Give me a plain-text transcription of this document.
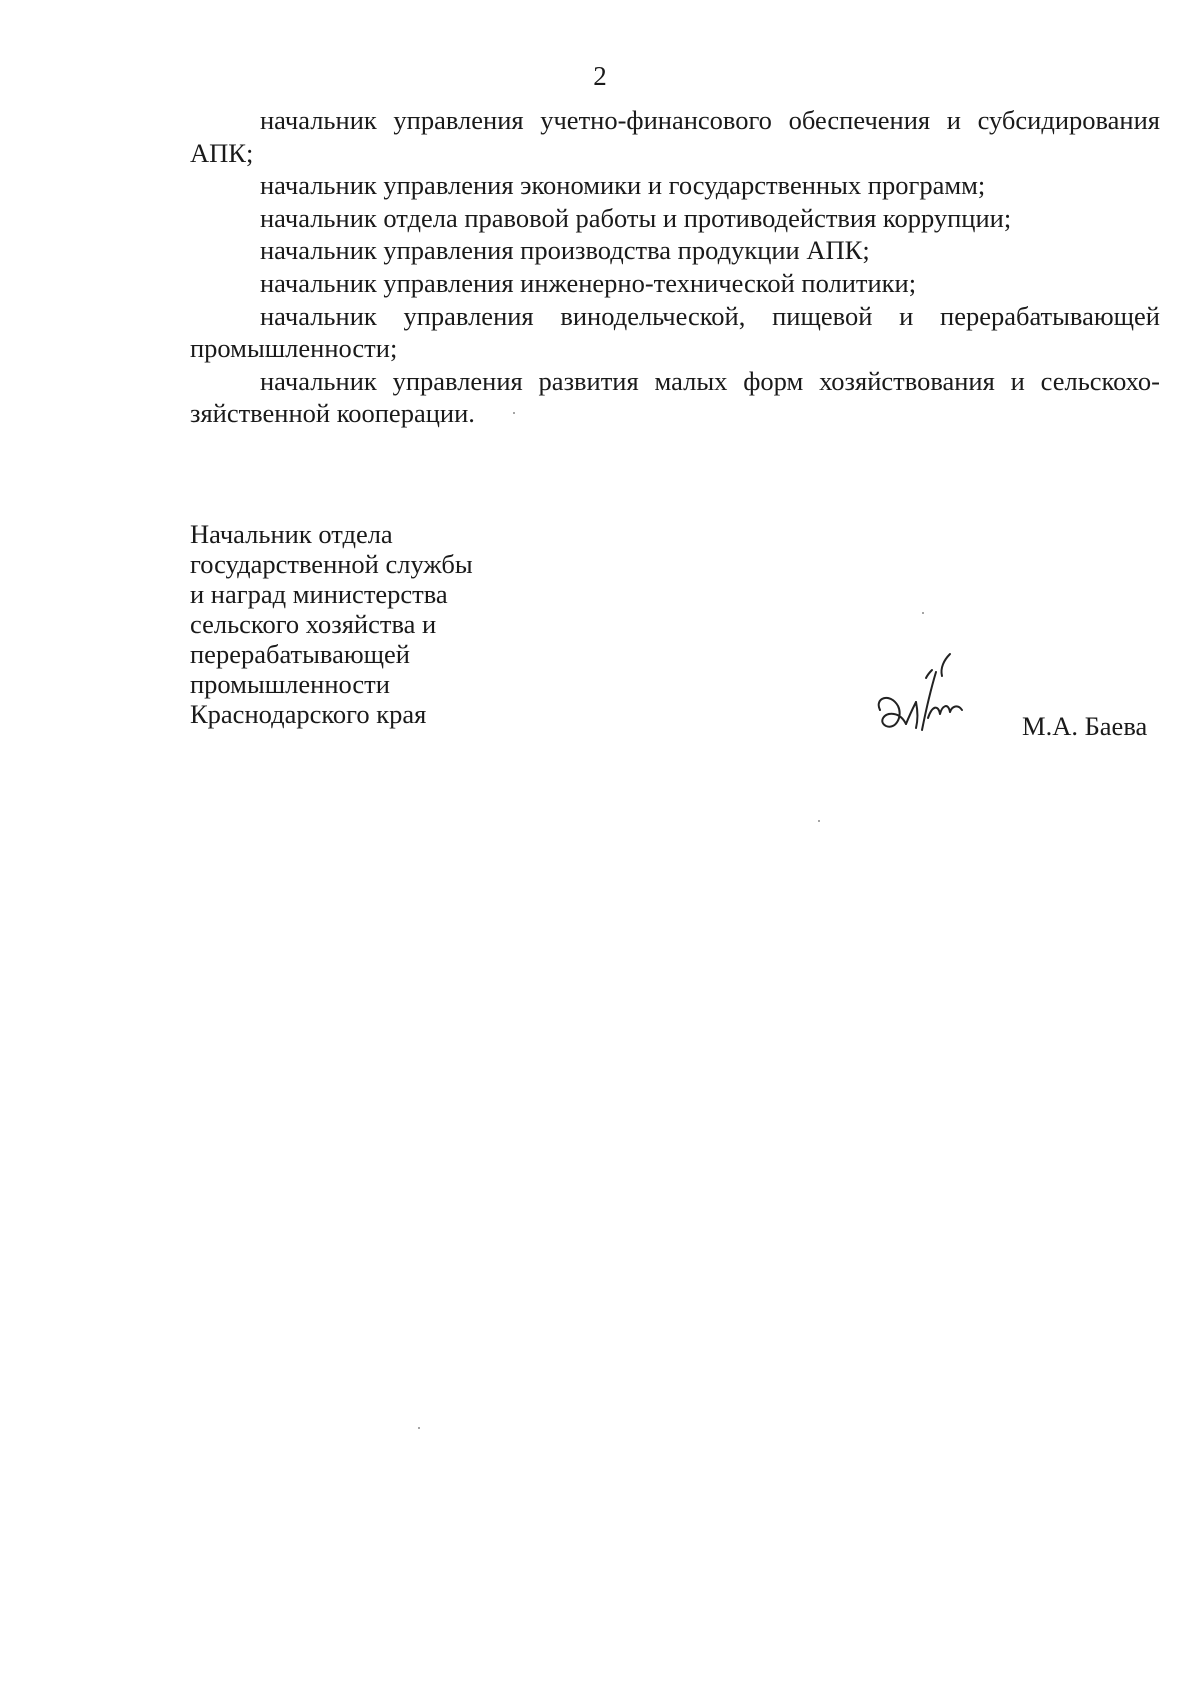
2

начальник управления учетно-финансового обеспечения и субсидирования АПК;

начальник управления экономики и государственных программ;

начальник отдела правовой работы и противодействия коррупции;

начальник управления производства продукции АПК;

начальник управления инженерно-технической политики;

начальник управления винодельческой, пищевой и перерабатывающей промышленности;

начальник управления развития малых форм хозяйствования и сельскохо-зяйственной кооперации.

Начальник отдела
государственной службы
и наград министерства
сельского хозяйства и
перерабатывающей
промышленности
Краснодарского края	М.А. Баева
